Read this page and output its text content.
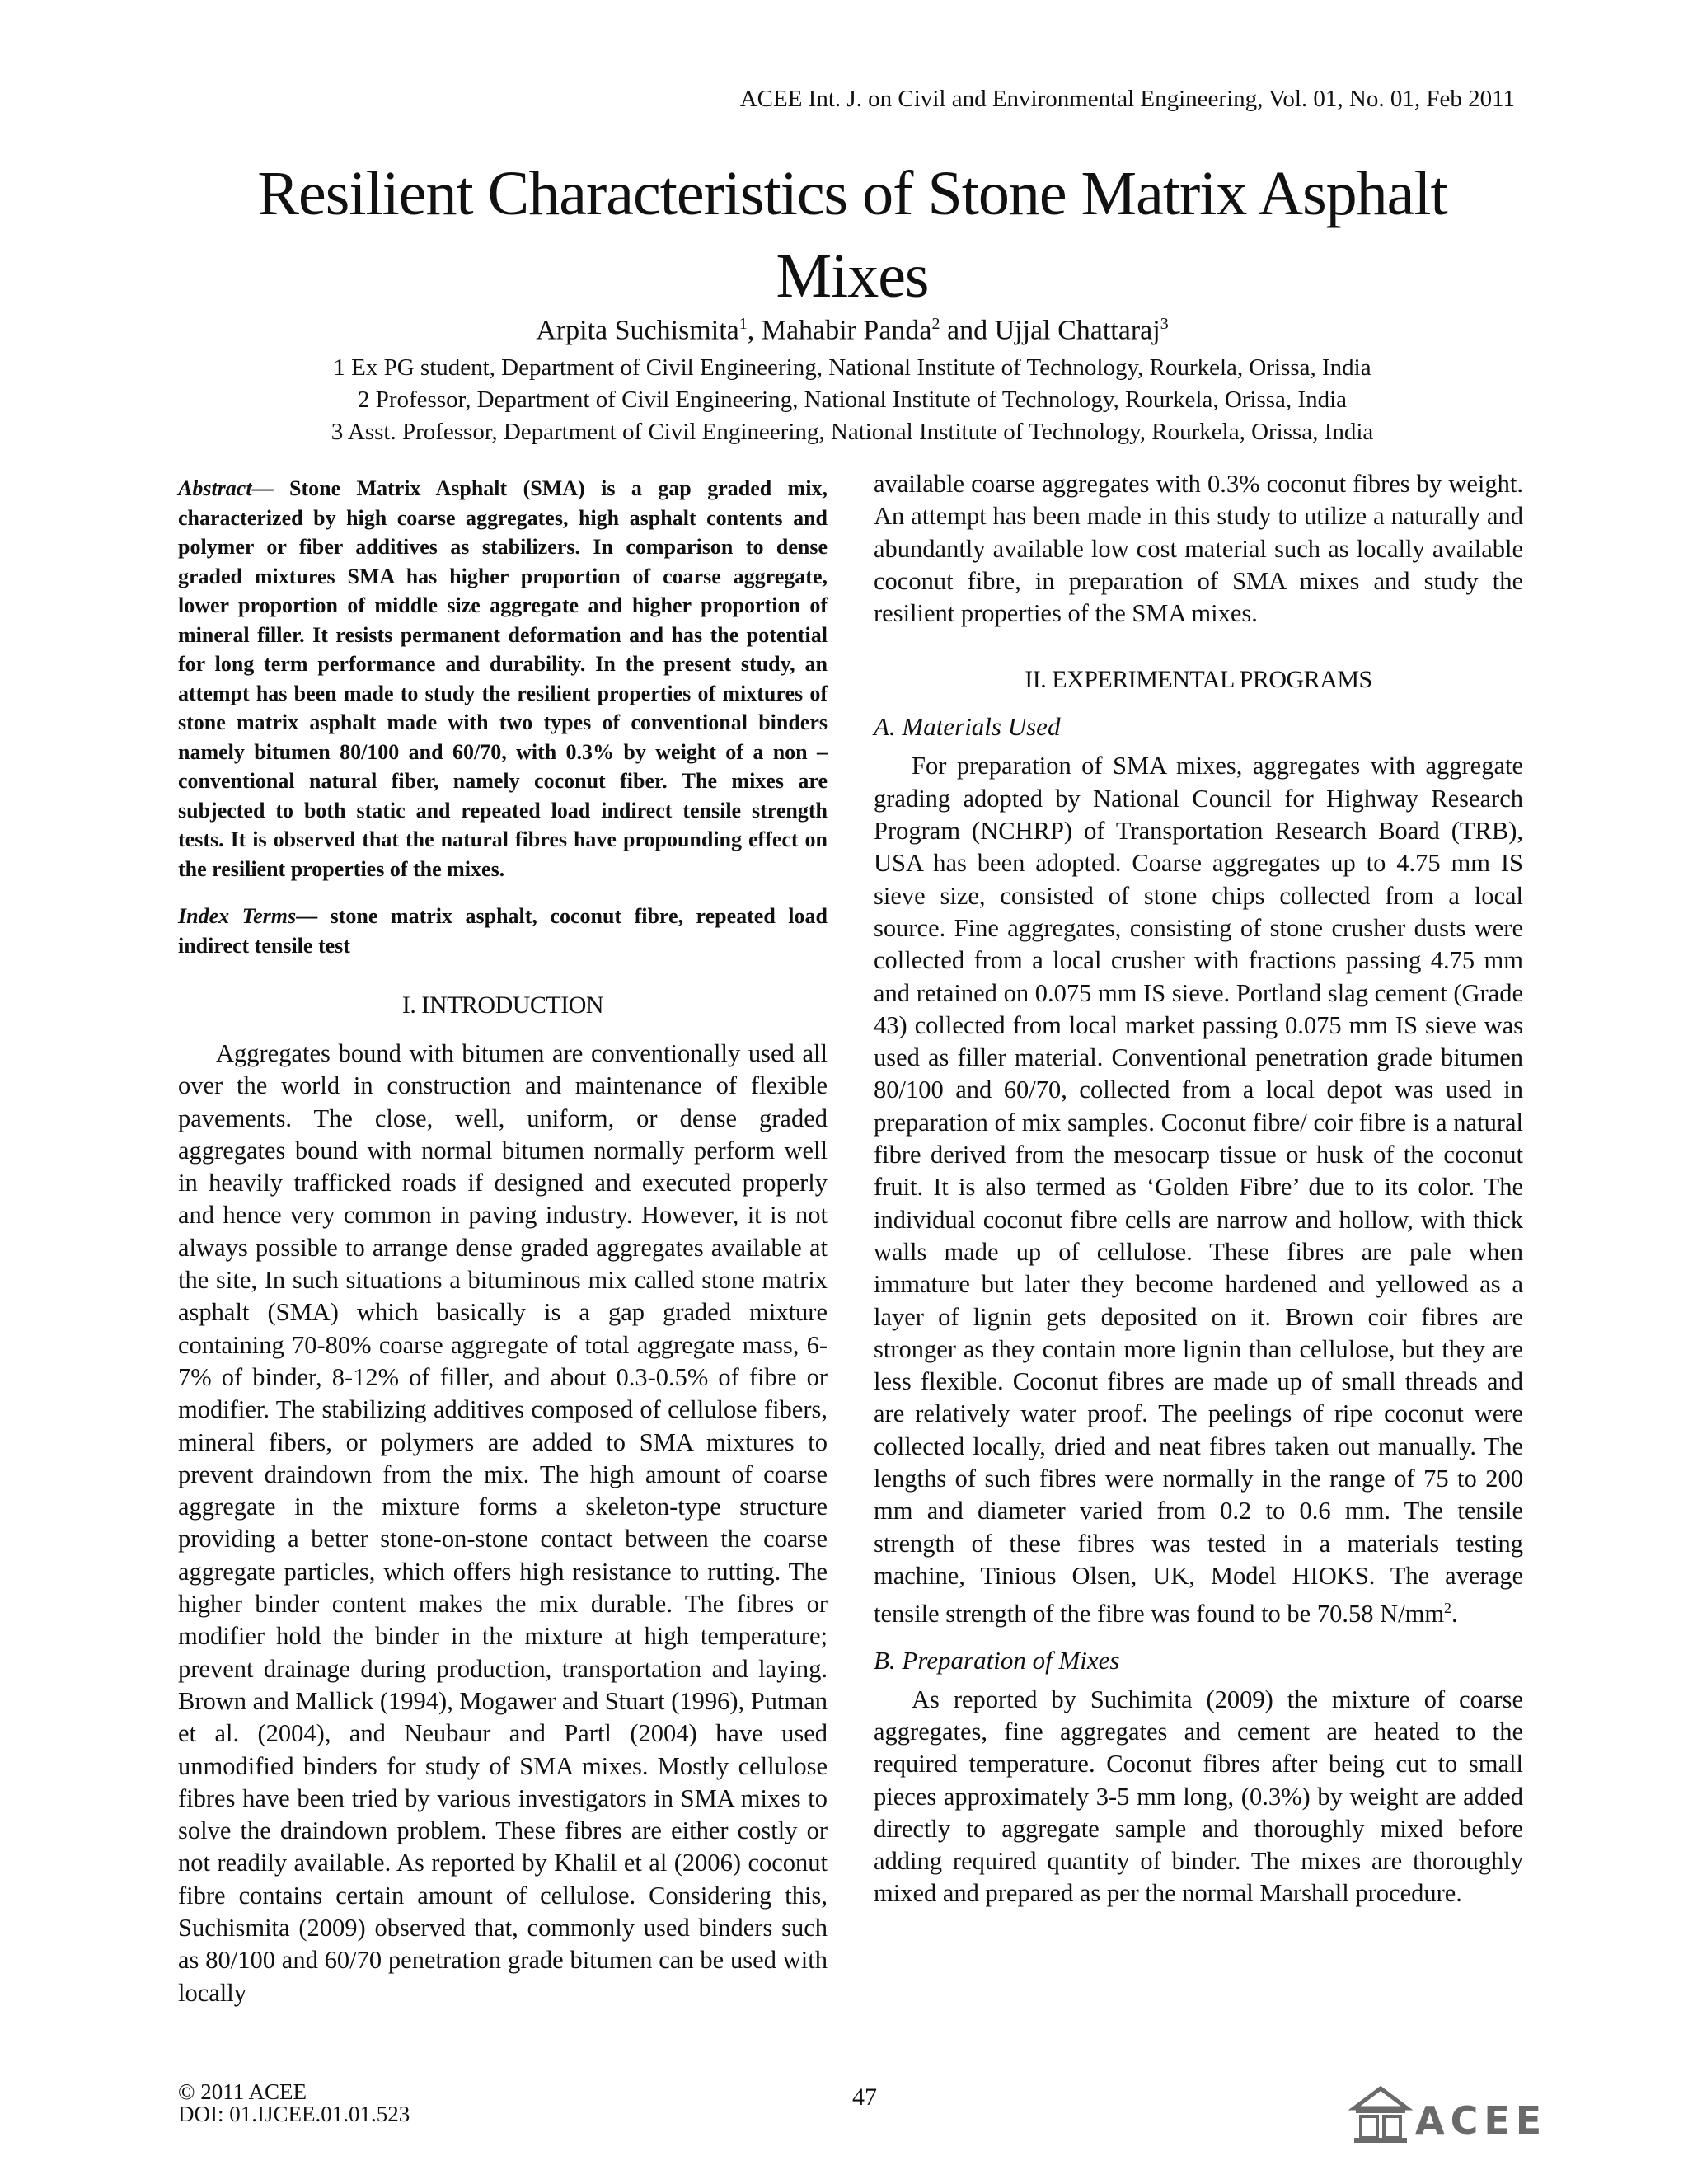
ACEE Int. J. on Civil and Environmental Engineering, Vol. 01, No. 01, Feb 2011
Resilient Characteristics of Stone Matrix Asphalt
Mixes
Arpita Suchismita$^1$, Mahabir Panda$^2$ and Ujjal Chattaraj$^3$
1 Ex PG student, Department of Civil Engineering, National Institute of Technology, Rourkela, Orissa, India
2 Professor, Department of Civil Engineering, National Institute of Technology, Rourkela, Orissa, India
3 Asst. Professor, Department of Civil Engineering, National Institute of Technology, Rourkela, Orissa, India

Abstract— Stone Matrix Asphalt (SMA) is a gap graded mix, characterized by high coarse aggregates, high asphalt contents and polymer or fiber additives as stabilizers. In comparison to dense graded mixtures SMA has higher proportion of coarse aggregate, lower proportion of middle size aggregate and higher proportion of mineral filler. It resists permanent deformation and has the potential for long term performance and durability. In the present study, an attempt has been made to study the resilient properties of mixtures of stone matrix asphalt made with two types of conventional binders namely bitumen 80/100 and 60/70, with 0.3% by weight of a non – conventional natural fiber, namely coconut fiber. The mixes are subjected to both static and repeated load indirect tensile strength tests. It is observed that the natural fibres have propounding effect on the resilient properties of the mixes.

Index Terms— stone matrix asphalt, coconut fibre, repeated load indirect tensile test

I. INTRODUCTION

Aggregates bound with bitumen are conventionally used all over the world in construction and maintenance of flexible pavements. The close, well, uniform, or dense graded aggregates bound with normal bitumen normally perform well in heavily trafficked roads if designed and executed properly and hence very common in paving industry. However, it is not always possible to arrange dense graded aggregates available at the site, In such situations a bituminous mix called stone matrix asphalt (SMA) which basically is a gap graded mixture containing 70-80% coarse aggregate of total aggregate mass, 6-7% of binder, 8-12% of filler, and about 0.3-0.5% of fibre or modifier. The stabilizing additives composed of cellulose fibers, mineral fibers, or polymers are added to SMA mixtures to prevent draindown from the mix. The high amount of coarse aggregate in the mixture forms a skeleton-type structure providing a better stone-on-stone contact between the coarse aggregate particles, which offers high resistance to rutting. The higher binder content makes the mix durable. The fibres or modifier hold the binder in the mixture at high temperature; prevent drainage during production, transportation and laying. Brown and Mallick (1994), Mogawer and Stuart (1996), Putman et al. (2004), and Neubaur and Partl (2004) have used unmodified binders for study of SMA mixes. Mostly cellulose fibres have been tried by various investigators in SMA mixes to solve the draindown problem. These fibres are either costly or not readily available. As reported by Khalil et al (2006) coconut fibre contains certain amount of cellulose. Considering this, Suchismita (2009) observed that, commonly used binders such as 80/100 and 60/70 penetration grade bitumen can be used with locally

available coarse aggregates with 0.3% coconut fibres by weight. An attempt has been made in this study to utilize a naturally and abundantly available low cost material such as locally available coconut fibre, in preparation of SMA mixes and study the resilient properties of the SMA mixes.

II. EXPERIMENTAL PROGRAMS
A. Materials Used

For preparation of SMA mixes, aggregates with aggregate grading adopted by National Council for Highway Research Program (NCHRP) of Transportation Research Board (TRB), USA has been adopted. Coarse aggregates up to 4.75 mm IS sieve size, consisted of stone chips collected from a local source. Fine aggregates, consisting of stone crusher dusts were collected from a local crusher with fractions passing 4.75 mm and retained on 0.075 mm IS sieve. Portland slag cement (Grade 43) collected from local market passing 0.075 mm IS sieve was used as filler material. Conventional penetration grade bitumen 80/100 and 60/70, collected from a local depot was used in preparation of mix samples. Coconut fibre/ coir fibre is a natural fibre derived from the mesocarp tissue or husk of the coconut fruit. It is also termed as ‘Golden Fibre’ due to its color. The individual coconut fibre cells are narrow and hollow, with thick walls made up of cellulose. These fibres are pale when immature but later they become hardened and yellowed as a layer of lignin gets deposited on it. Brown coir fibres are stronger as they contain more lignin than cellulose, but they are less flexible. Coconut fibres are made up of small threads and are relatively water proof. The peelings of ripe coconut were collected locally, dried and neat fibres taken out manually. The lengths of such fibres were normally in the range of 75 to 200 mm and diameter varied from 0.2 to 0.6 mm. The tensile strength of these fibres was tested in a materials testing machine, Tinious Olsen, UK, Model HIOKS. The average tensile strength of the fibre was found to be 70.58 $N/mm^2$.

B. Preparation of Mixes

As reported by Suchimita (2009) the mixture of coarse aggregates, fine aggregates and cement are heated to the required temperature. Coconut fibres after being cut to small pieces approximately 3-5 mm long, (0.3%) by weight are added directly to aggregate sample and thoroughly mixed before adding required quantity of binder. The mixes are thoroughly mixed and prepared as per the normal Marshall procedure.

© 2011 ACEE
DOI: 01.IJCEE.01.01.523
47
ACEE
